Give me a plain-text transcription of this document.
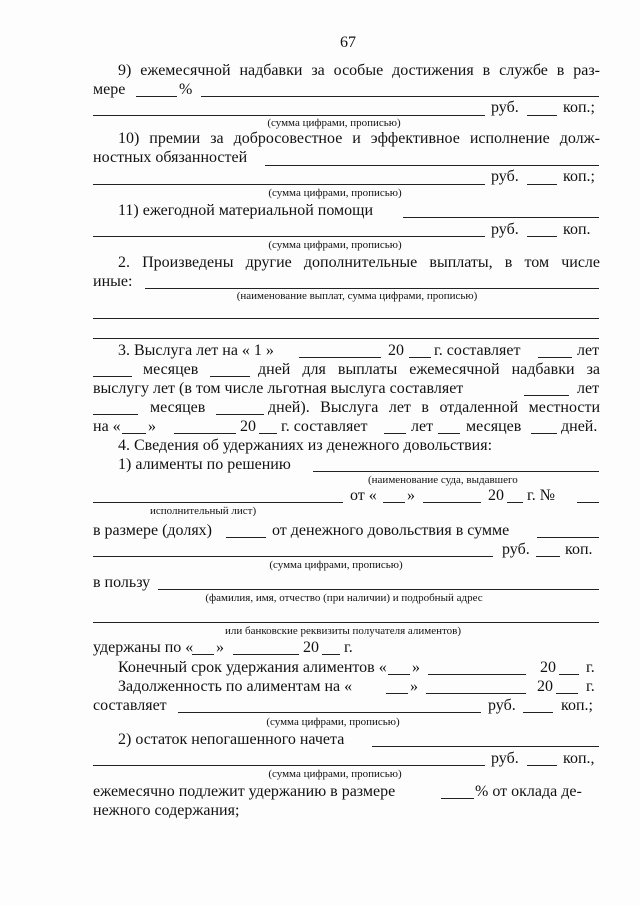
67
9) ежемесячной надбавки за особые достижения в службе в раз-
мере	%
руб.	коп.;
(сумма цифрами, прописью)
10) премии за добросовестное и эффективное исполнение долж-
ностных обязанностей
руб.	коп.;
(сумма цифрами, прописью)
11) ежегодной материальной помощи
руб.	коп.
(сумма цифрами, прописью)
2. Произведены другие дополнительные выплаты, в том числе
иные:
(наименование выплат, сумма цифрами, прописью)
3. Выслуга лет на « 1 »	20 г. составляет	лет
месяцев	дней для выплаты ежемесячной надбавки за
выслугу лет (в том числе льготная выслуга составляет	лет
месяцев	дней). Выслуга лет в отдаленной местности
на « »	20 г. составляет	лет месяцев дней.
4. Сведения об удержаниях из денежного довольствия:
1) алименты по решению
(наименование суда, выдавшего
от « »	20 г. №
исполнительный лист)
в размере (долях)	от денежного довольствия в сумме
руб. коп.
(сумма цифрами, прописью)
в пользу
(фамилия, имя, отчество (при наличии) и подробный адрес
или банковские реквизиты получателя алиментов)
удержаны по « »	20 г.
Конечный срок удержания алиментов « »	20 г.
Задолженность по алиментам на «	»	20 г.
составляет	руб.	коп.;
(сумма цифрами, прописью)
2) остаток непогашенного начета
руб.	коп.,
(сумма цифрами, прописью)
ежемесячно подлежит удержанию в размере	% от оклада де-
нежного содержания;
